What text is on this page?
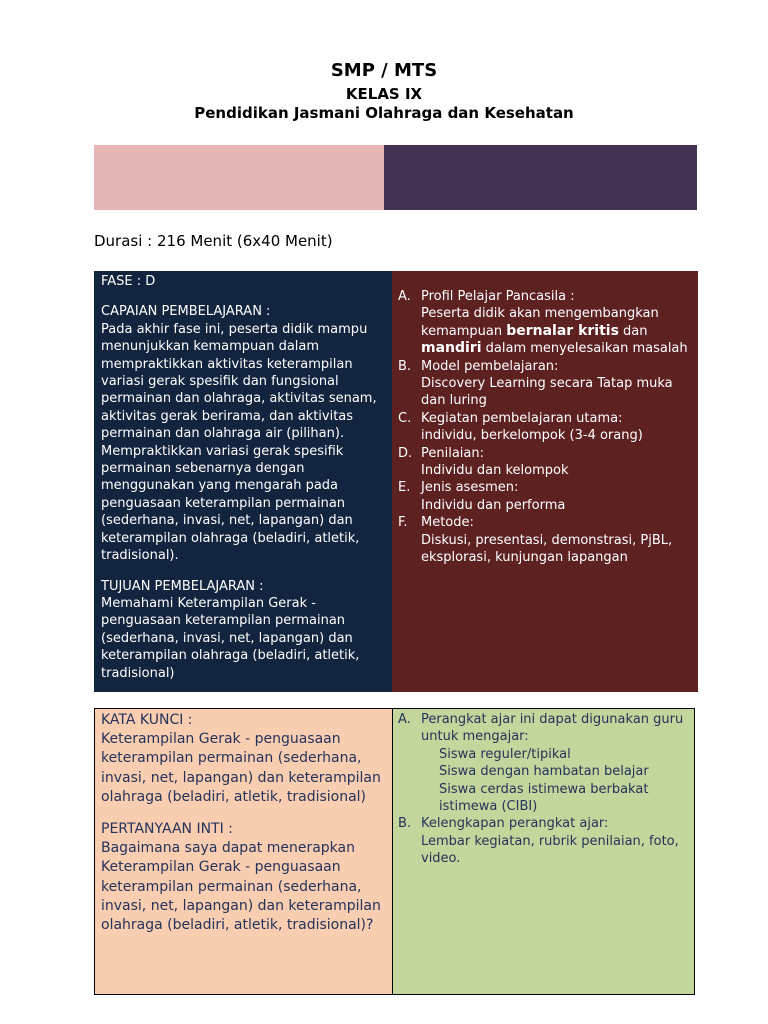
SMP / MTS
KELAS IX
Pendidikan Jasmani Olahraga dan Kesehatan
Durasi : 216 Menit (6x40 Menit)
FASE : D
CAPAIAN PEMBELAJARAN :
Pada akhir fase ini, peserta didik mampu menunjukkan kemampuan dalam mempraktikkan aktivitas keterampilan variasi gerak spesifik dan fungsional permainan dan olahraga, aktivitas senam, aktivitas gerak berirama, dan aktivitas permainan dan olahraga air (pilihan). Mempraktikkan variasi gerak spesifik permainan sebenarnya dengan menggunakan yang mengarah pada penguasaan keterampilan permainan (sederhana, invasi, net, lapangan) dan keterampilan olahraga (beladiri, atletik, tradisional).
TUJUAN PEMBELAJARAN :
Memahami Keterampilan Gerak - penguasaan keterampilan permainan (sederhana, invasi, net, lapangan) dan keterampilan olahraga (beladiri, atletik, tradisional)
A. Profil Pelajar Pancasila :
Peserta didik akan mengembangkan kemampuan bernalar kritis dan mandiri dalam menyelesaikan masalah
B. Model pembelajaran:
Discovery Learning secara Tatap muka dan luring
C. Kegiatan pembelajaran utama:
individu, berkelompok (3-4 orang)
D. Penilaian:
Individu dan kelompok
E. Jenis asesmen:
Individu dan performa
F. Metode:
Diskusi, presentasi, demonstrasi, PjBL, eksplorasi, kunjungan lapangan
KATA KUNCI :
Keterampilan Gerak - penguasaan keterampilan permainan (sederhana, invasi, net, lapangan) dan keterampilan olahraga (beladiri, atletik, tradisional)
PERTANYAAN INTI :
Bagaimana saya dapat menerapkan Keterampilan Gerak - penguasaan keterampilan permainan (sederhana, invasi, net, lapangan) dan keterampilan olahraga (beladiri, atletik, tradisional)?
A. Perangkat ajar ini dapat digunakan guru untuk mengajar:
Siswa reguler/tipikal
Siswa dengan hambatan belajar
Siswa cerdas istimewa berbakat istimewa (CIBI)
B. Kelengkapan perangkat ajar:
Lembar kegiatan, rubrik penilaian, foto, video.
